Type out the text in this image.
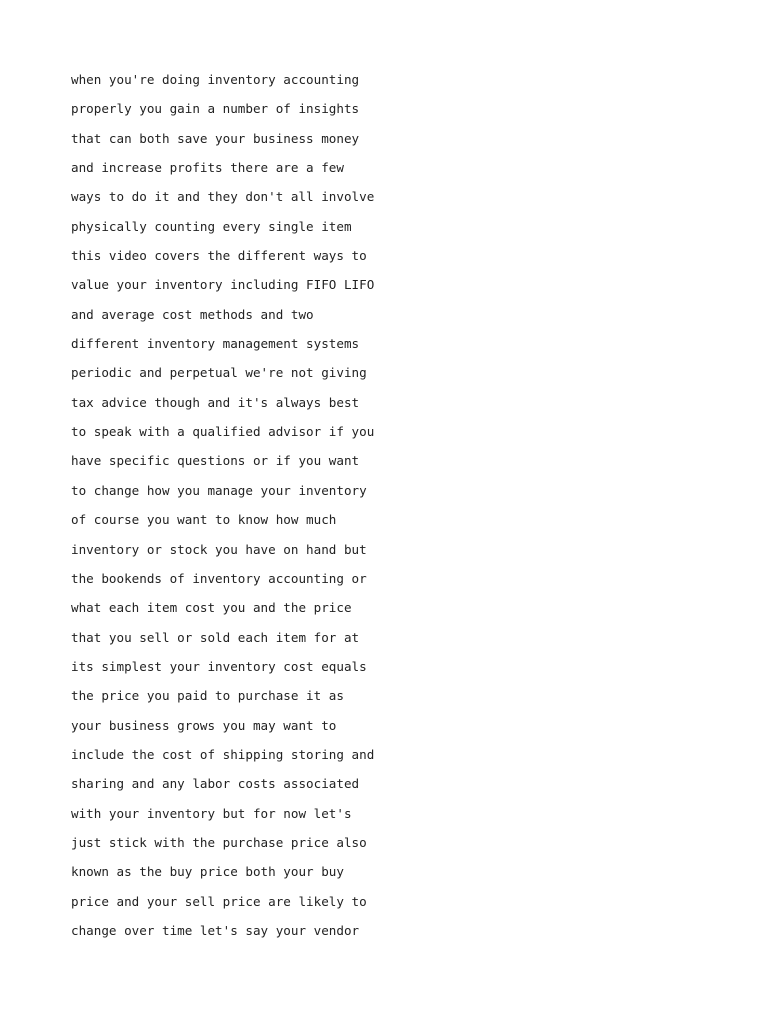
when you're doing inventory accounting
properly you gain a number of insights
that can both save your business money
and increase profits there are a few
ways to do it and they don't all involve
physically counting every single item
this video covers the different ways to
value your inventory including FIFO LIFO
and average cost methods and two
different inventory management systems
periodic and perpetual we're not giving
tax advice though and it's always best
to speak with a qualified advisor if you
have specific questions or if you want
to change how you manage your inventory
of course you want to know how much
inventory or stock you have on hand but
the bookends of inventory accounting or
what each item cost you and the price
that you sell or sold each item for at
its simplest your inventory cost equals
the price you paid to purchase it as
your business grows you may want to
include the cost of shipping storing and
sharing and any labor costs associated
with your inventory but for now let's
just stick with the purchase price also
known as the buy price both your buy
price and your sell price are likely to
change over time let's say your vendor
